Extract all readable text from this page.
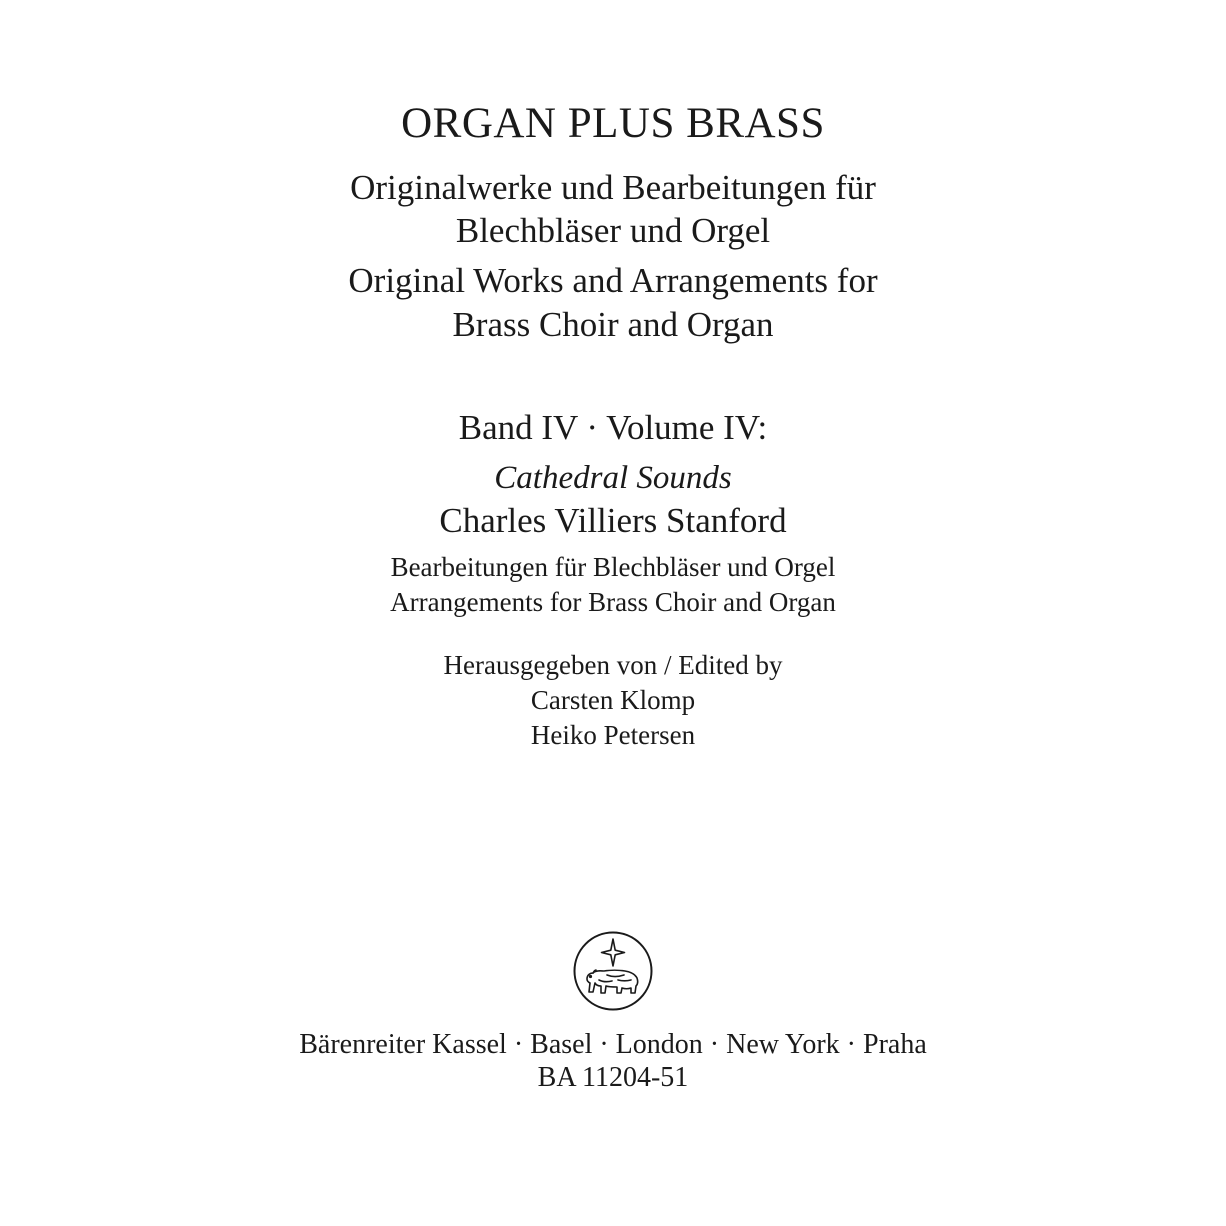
ORGAN PLUS BRASS
Originalwerke und Bearbeitungen für
Blechbläser und Orgel
Original Works and Arrangements for
Brass Choir and Organ
Band IV · Volume IV:
Cathedral Sounds
Charles Villiers Stanford
Bearbeitungen für Blechbläser und Orgel
Arrangements for Brass Choir and Organ
Herausgegeben von / Edited by
Carsten Klomp
Heiko Petersen
Bärenreiter Kassel · Basel · London · New York · Praha
BA 11204-51
